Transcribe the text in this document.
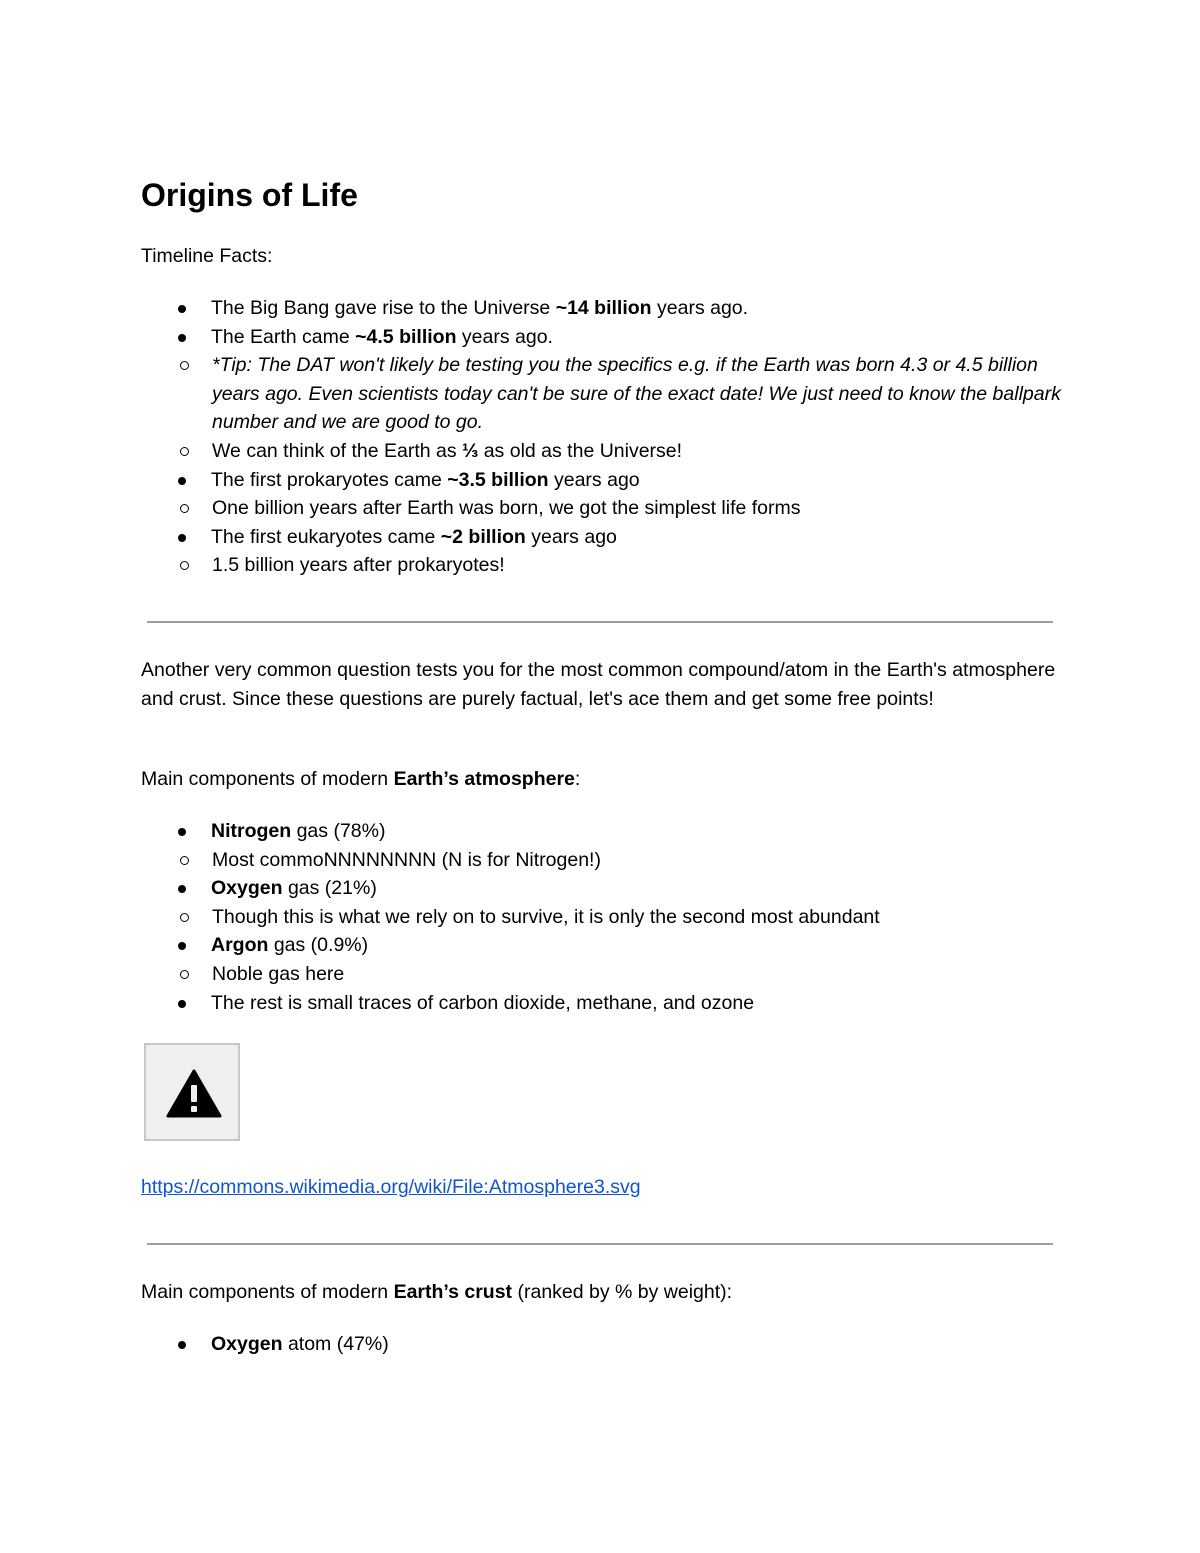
Origins of Life

Timeline Facts:

The Big Bang gave rise to the Universe ~14 billion years ago.
The Earth came ~4.5 billion years ago.
*Tip: The DAT won't likely be testing you the specifics e.g. if the Earth was born 4.3 or 4.5 billion years ago. Even scientists today can't be sure of the exact date! We just need to know the ballpark number and we are good to go.
We can think of the Earth as ⅓ as old as the Universe!
The first prokaryotes came ~3.5 billion years ago
One billion years after Earth was born, we got the simplest life forms
The first eukaryotes came ~2 billion years ago
1.5 billion years after prokaryotes!

Another very common question tests you for the most common compound/atom in the Earth's atmosphere and crust. Since these questions are purely factual, let's ace them and get some free points!

Main components of modern Earth’s atmosphere:

Nitrogen gas (78%)
Most commoNNNNNNNN (N is for Nitrogen!)
Oxygen gas (21%)
Though this is what we rely on to survive, it is only the second most abundant
Argon gas (0.9%)
Noble gas here
The rest is small traces of carbon dioxide, methane, and ozone
https://commons.wikimedia.org/wiki/File:Atmosphere3.svg

Main components of modern Earth’s crust (ranked by % by weight):

Oxygen atom (47%)
